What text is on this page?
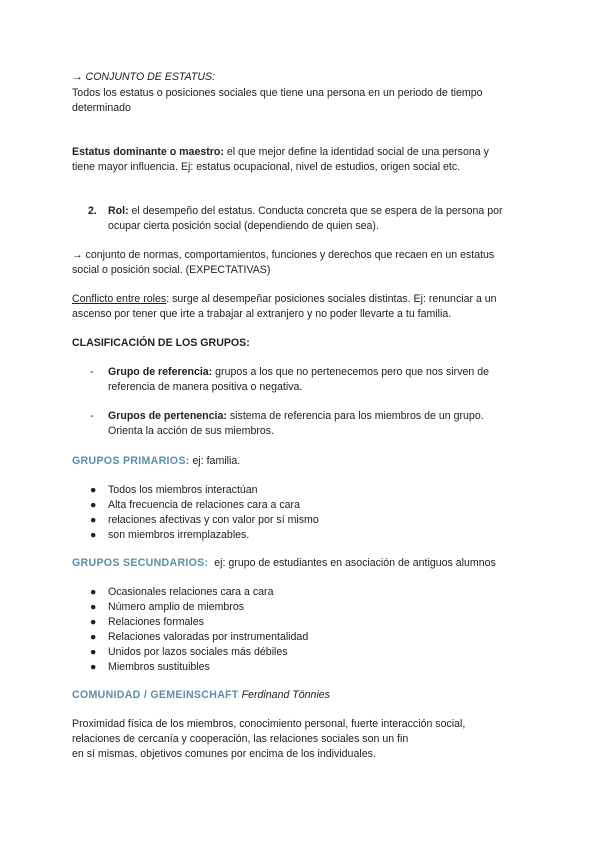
→ CONJUNTO DE ESTATUS:
Todos los estatus o posiciones sociales que tiene una persona en un periodo de tiempo
determinado
Estatus dominante o maestro: el que mejor define la identidad social de una persona y
tiene mayor influencia. Ej: estatus ocupacional, nivel de estudios, origen social etc.
2. Rol: el desempeño del estatus. Conducta concreta que se espera de la persona por
ocupar cierta posición social (dependiendo de quien sea).
→ conjunto de normas, comportamientos, funciones y derechos que recaen en un estatus
social o posición social. (EXPECTATIVAS)
Conflicto entre roles: surge al desempeñar posiciones sociales distintas. Ej: renunciar a un
ascenso por tener que irte a trabajar al extranjero y no poder llevarte a tu familia.
CLASIFICACIÓN DE LOS GRUPOS:
- Grupo de referencia: grupos a los que no pertenecemos pero que nos sirven de
referencia de manera positiva o negativa.
- Grupos de pertenencia: sistema de referencia para los miembros de un grupo.
Orienta la acción de sus miembros.
GRUPOS PRIMARIOS: ej: familia.
● Todos los miembros interactúan
● Alta frecuencia de relaciones cara a cara
● relaciones afectivas y con valor por sí mismo
● son miembros irremplazables.
GRUPOS SECUNDARIOS:  ej: grupo de estudiantes en asociación de antiguos alumnos
● Ocasionales relaciones cara a cara
● Número amplio de miembros
● Relaciones formales
● Relaciones valoradas por instrumentalidad
● Unidos por lazos sociales más débiles
● Miembros sustituibles
COMUNIDAD / GEMEINSCHAFT Ferdinand Tönnies
Proximidad física de los miembros, conocimiento personal, fuerte interacción social,
relaciones de cercanía y cooperación, las relaciones sociales son un fin
en sí mismas, objetivos comunes por encima de los individuales.
